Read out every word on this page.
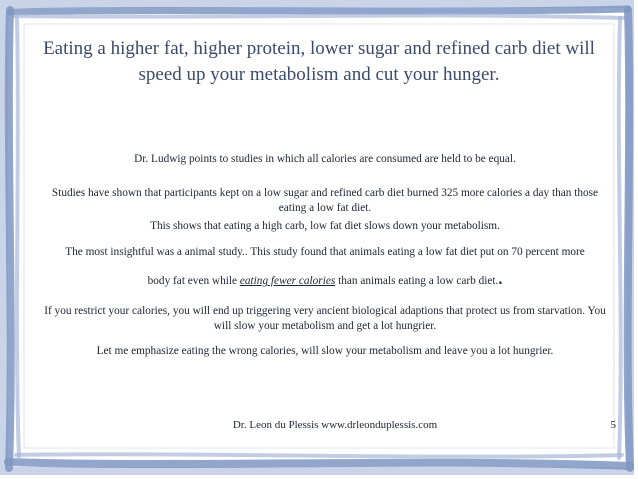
Eating a higher fat, higher protein, lower sugar and refined carb diet will speed up your metabolism and cut your hunger.

Dr. Ludwig points to studies in which all calories are consumed are held to be equal.

Studies have shown that participants kept on a low sugar and refined carb diet burned 325 more calories a day than those eating a low fat diet.

This shows that eating a high carb, low fat diet slows down your metabolism.

The most insightful was a animal study.. This study found that animals eating a low fat diet put on 70 percent more

body fat even while eating fewer calories than animals eating a low carb diet..

If you restrict your calories, you will end up triggering very ancient biological adaptions that protect us from starvation. You will slow your metabolism and get a lot hungrier.

Let me emphasize eating the wrong calories, will slow your metabolism and leave you a lot hungrier.

Dr. Leon du Plessis www.drleonduplessis.com	5
